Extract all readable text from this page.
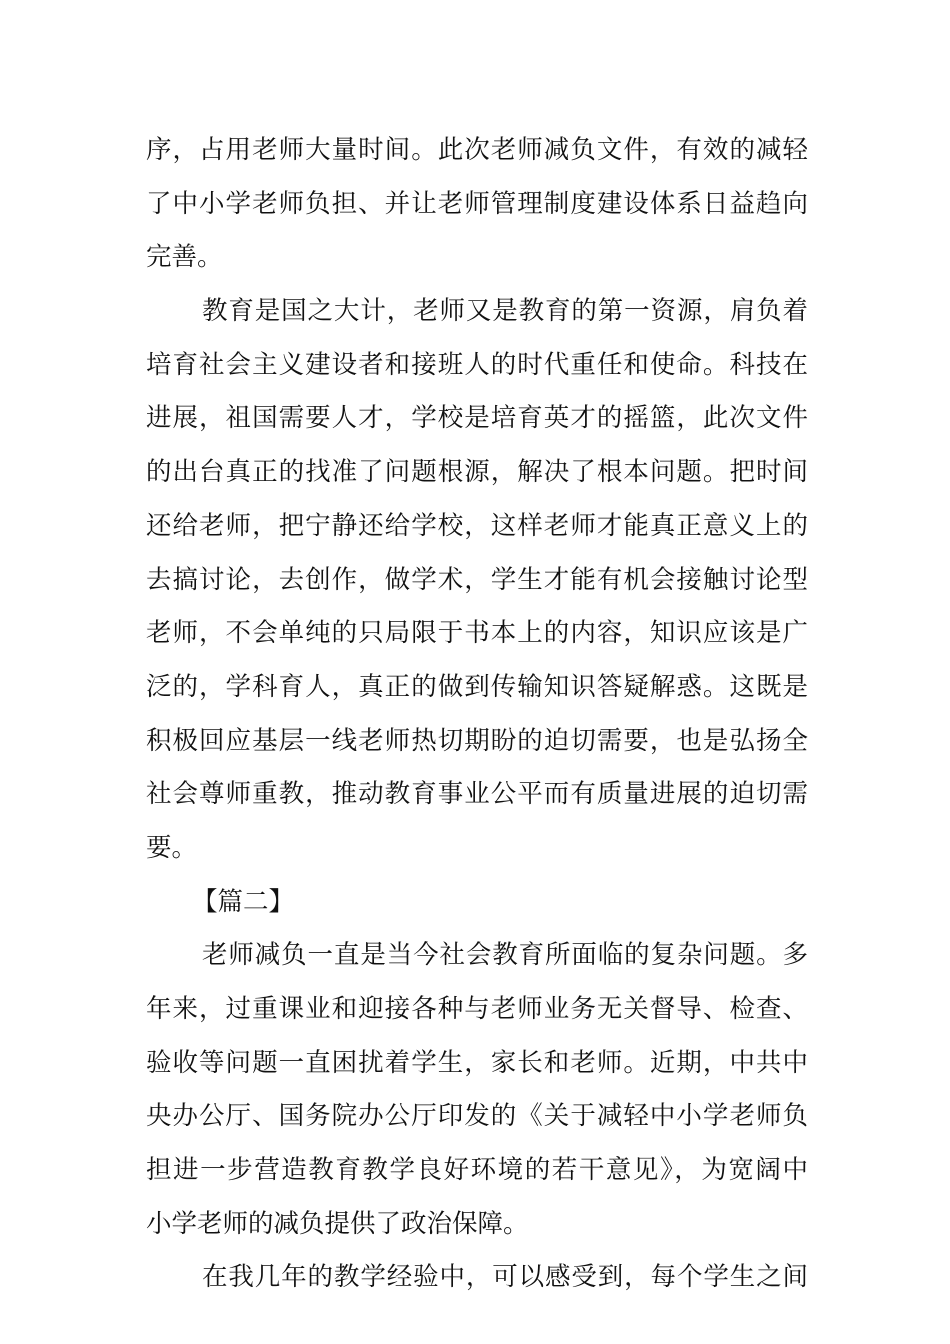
序，占用老师大量时间。此次老师减负文件，有效的减轻
了中小学老师负担、并让老师管理制度建设体系日益趋向
完善。
教育是国之大计，老师又是教育的第一资源，肩负着
培育社会主义建设者和接班人的时代重任和使命。科技在
进展，祖国需要人才，学校是培育英才的摇篮，此次文件
的出台真正的找准了问题根源，解决了根本问题。把时间
还给老师，把宁静还给学校，这样老师才能真正意义上的
去搞讨论，去创作，做学术，学生才能有机会接触讨论型
老师，不会单纯的只局限于书本上的内容，知识应该是广
泛的，学科育人，真正的做到传输知识答疑解惑。这既是
积极回应基层一线老师热切期盼的迫切需要，也是弘扬全
社会尊师重教，推动教育事业公平而有质量进展的迫切需
要。
【篇二】
老师减负一直是当今社会教育所面临的复杂问题。多
年来，过重课业和迎接各种与老师业务无关督导、检查、
验收等问题一直困扰着学生，家长和老师。近期，中共中
央办公厅、国务院办公厅印发的《关于减轻中小学老师负
担进一步营造教育教学良好环境的若干意见》，为宽阔中
小学老师的减负提供了政治保障。
在我几年的教学经验中，可以感受到，每个学生之间
